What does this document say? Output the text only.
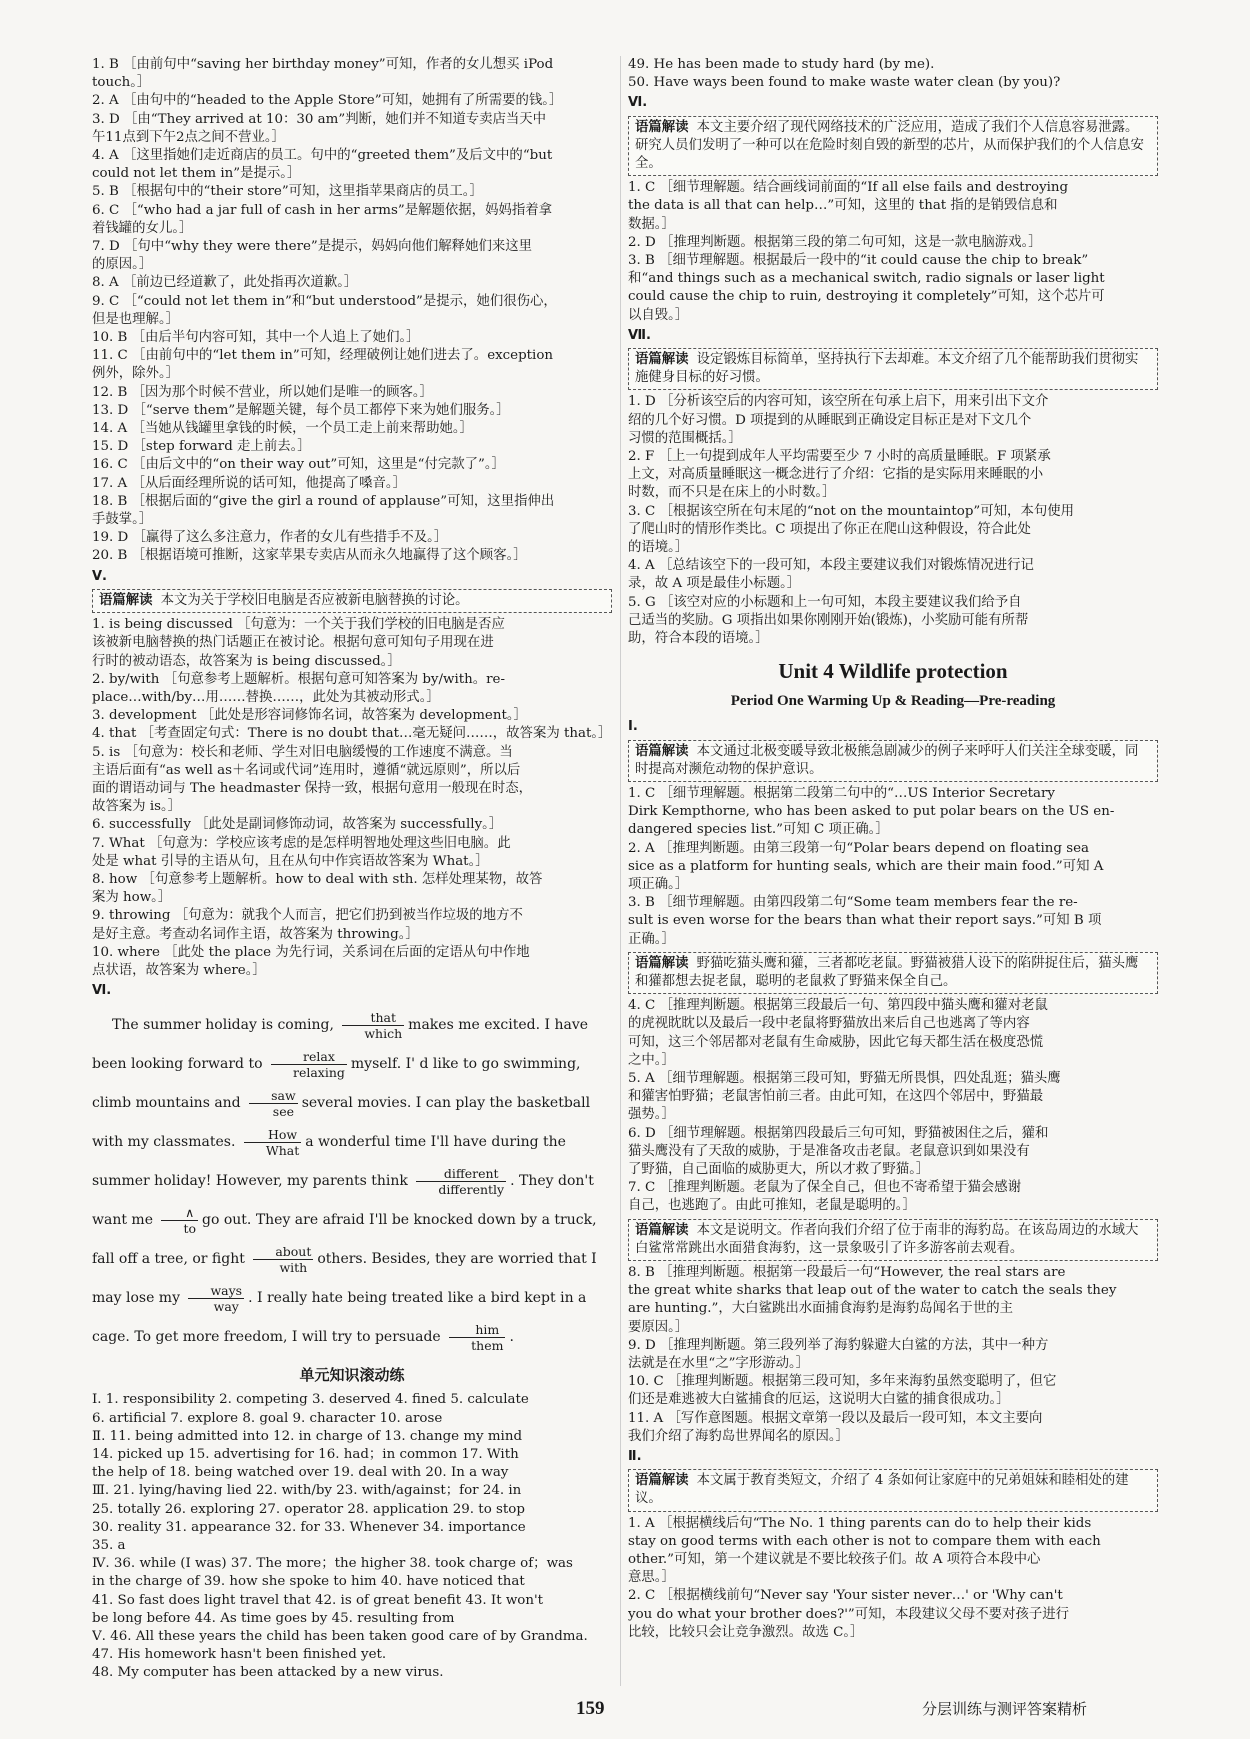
1. B ［由前句中“saving her birthday money”可知，作者的女儿想买 iPod
touch。］
2. A ［由句中的“headed to the Apple Store”可知，她拥有了所需要的钱。］
3. D ［由“They arrived at 10：30 am”判断，她们并不知道专卖店当天中
午11点到下午2点之间不营业。］
4. A ［这里指她们走近商店的员工。句中的“greeted them”及后文中的“but
could not let them in”是提示。］
5. B ［根据句中的“their store”可知，这里指苹果商店的员工。］
6. C ［“who had a jar full of cash in her arms”是解题依据，妈妈指着拿
着钱罐的女儿。］
7. D ［句中“why they were there”是提示，妈妈向他们解释她们来这里
的原因。］
8. A ［前边已经道歉了，此处指再次道歉。］
9. C ［“could not let them in”和“but understood”是提示，她们很伤心，
但是也理解。］
10. B ［由后半句内容可知，其中一个人追上了她们。］
11. C ［由前句中的“let them in”可知，经理破例让她们进去了。exception
例外，除外。］
12. B ［因为那个时候不营业，所以她们是唯一的顾客。］
13. D ［“serve them”是解题关键，每个员工都停下来为她们服务。］
14. A ［当她从钱罐里拿钱的时候，一个员工走上前来帮助她。］
15. D ［step forward 走上前去。］
16. C ［由后文中的“on their way out”可知，这里是“付完款了”。］
17. A ［从后面经理所说的话可知，他提高了嗓音。］
18. B ［根据后面的“give the girl a round of applause”可知，这里指伸出
手鼓掌。］
19. D ［赢得了这么多注意力，作者的女儿有些措手不及。］
20. B ［根据语境可推断，这家苹果专卖店从而永久地赢得了这个顾客。］
Ⅴ.
语篇解读 本文为关于学校旧电脑是否应被新电脑替换的讨论。
1. is being discussed ［句意为：一个关于我们学校的旧电脑是否应
该被新电脑替换的热门话题正在被讨论。根据句意可知句子用现在进
行时的被动语态，故答案为 is being discussed。］
2. by/with ［句意参考上题解析。根据句意可知答案为 by/with。re-
place…with/by…用……替换……，此处为其被动形式。］
3. development ［此处是形容词修饰名词，故答案为 development。］
4. that ［考查固定句式：There is no doubt that…毫无疑问……，故答案为 that。］
5. is ［句意为：校长和老师、学生对旧电脑缓慢的工作速度不满意。当
主语后面有“as well as＋名词或代词”连用时，遵循“就远原则”，所以后
面的谓语动词与 The headmaster 保持一致，根据句意用一般现在时态，
故答案为 is。］
6. successfully ［此处是副词修饰动词，故答案为 successfully。］
7. What ［句意为：学校应该考虑的是怎样明智地处理这些旧电脑。此
处是 what 引导的主语从句，且在从句中作宾语故答案为 What。］
8. how ［句意参考上题解析。how to deal with sth. 怎样处理某物，故答
案为 how。］
9. throwing ［句意为：就我个人而言，把它们扔到被当作垃圾的地方不
是好主意。考查动名词作主语，故答案为 throwing。］
10. where ［此处 the place 为先行词，关系词在后面的定语从句中作地
点状语，故答案为 where。］
Ⅵ.
The summer holiday is coming, $\frac{\text{that}}{\text{which}}$ makes me excited. I have been looking forward to $\frac{\text{relax}}{\text{relaxing}}$ myself. I' d like to go swimming, climb mountains and $\frac{\text{saw}}{\text{see}}$ several movies. I can play the basketball with my classmates. $\frac{\text{How}}{\text{What}}$ a wonderful time I'll have during the summer holiday! However, my parents think $\frac{\text{different}}{\text{differently}}$ . They don't want me $\frac{\wedge}{to}$ go out. They are afraid I'll be knocked down by a truck, fall off a tree, or fight $\frac{\text{about}}{\text{with}}$ others. Besides, they are worried that I may lose my $\frac{\text{ways}}{\text{way}}$ . I really hate being treated like a bird kept in a cage. To get more freedom, I will try to persuade $\frac{\text{him}}{\text{them}}$ .
单元知识滚动练
Ⅰ. 1. responsibility 2. competing 3. deserved 4. fined 5. calculate
6. artificial 7. explore 8. goal 9. character 10. arose
Ⅱ. 11. being admitted into 12. in charge of 13. change my mind
14. picked up 15. advertising for 16. had；in common 17. With
the help of 18. being watched over 19. deal with 20. In a way
Ⅲ. 21. lying/having lied 22. with/by 23. with/against；for 24. in
25. totally 26. exploring 27. operator 28. application 29. to stop
30. reality 31. appearance 32. for 33. Whenever 34. importance
35. a
Ⅳ. 36. while (I was) 37. The more；the higher 38. took charge of；was
in the charge of 39. how she spoke to him 40. have noticed that
41. So fast does light travel that 42. is of great benefit 43. It won't
be long before 44. As time goes by 45. resulting from
Ⅴ. 46. All these years the child has been taken good care of by Grandma.
47. His homework hasn't been finished yet.
48. My computer has been attacked by a new virus.
49. He has been made to study hard (by me).
50. Have ways been found to make waste water clean (by you)?
Ⅵ.
语篇解读 本文主要介绍了现代网络技术的广泛应用，造成了我们个人信息容易泄露。研究人员们发明了一种可以在危险时刻自毁的新型的芯片，从而保护我们的个人信息安全。
1. C ［细节理解题。结合画线词前面的“If all else fails and destroying
the data is all that can help…”可知，这里的 that 指的是销毁信息和
数据。］
2. D ［推理判断题。根据第三段的第二句可知，这是一款电脑游戏。］
3. B ［细节理解题。根据最后一段中的“it could cause the chip to break”
和“and things such as a mechanical switch, radio signals or laser light
could cause the chip to ruin, destroying it completely”可知，这个芯片可
以自毁。］
Ⅶ.
语篇解读 设定锻炼目标简单，坚持执行下去却难。本文介绍了几个能帮助我们贯彻实施健身目标的好习惯。
1. D ［分析该空后的内容可知，该空所在句承上启下，用来引出下文介
绍的几个好习惯。D 项提到的从睡眠到正确设定目标正是对下文几个
习惯的范围概括。］
2. F ［上一句提到成年人平均需要至少 7 小时的高质量睡眠。F 项紧承
上文，对高质量睡眠这一概念进行了介绍：它指的是实际用来睡眠的小
时数，而不只是在床上的小时数。］
3. C ［根据该空所在句末尾的“not on the mountaintop”可知，本句使用
了爬山时的情形作类比。C 项提出了你正在爬山这种假设，符合此处
的语境。］
4. A ［总结该空下的一段可知，本段主要建议我们对锻炼情况进行记
录，故 A 项是最佳小标题。］
5. G ［该空对应的小标题和上一句可知，本段主要建议我们给予自
己适当的奖励。G 项指出如果你刚刚开始(锻炼)，小奖励可能有所帮
助，符合本段的语境。］
Unit 4 Wildlife protection
Period One Warming Up & Reading—Pre-reading
Ⅰ.
语篇解读 本文通过北极变暖导致北极熊急剧减少的例子来呼吁人们关注全球变暖，同时提高对濒危动物的保护意识。
1. C ［细节理解题。根据第二段第二句中的“…US Interior Secretary
Dirk Kempthorne, who has been asked to put polar bears on the US en-
dangered species list.”可知 C 项正确。］
2. A ［推理判断题。由第三段第一句“Polar bears depend on floating sea
sice as a platform for hunting seals, which are their main food.”可知 A
项正确。］
3. B ［细节理解题。由第四段第二句“Some team members fear the re-
sult is even worse for the bears than what their report says.”可知 B 项
正确。］
语篇解读 野猫吃猫头鹰和獾，三者都吃老鼠。野猫被猎人设下的陷阱捉住后，猫头鹰和獾都想去捉老鼠，聪明的老鼠救了野猫来保全自己。
4. C ［推理判断题。根据第三段最后一句、第四段中猫头鹰和獾对老鼠
的虎视眈眈以及最后一段中老鼠将野猫放出来后自己也逃离了等内容
可知，这三个邻居都对老鼠有生命威胁，因此它每天都生活在极度恐慌
之中。］
5. A ［细节理解题。根据第三段可知，野猫无所畏惧，四处乱逛；猫头鹰
和獾害怕野猫；老鼠害怕前三者。由此可知，在这四个邻居中，野猫最
强势。］
6. D ［细节理解题。根据第四段最后三句可知，野猫被困住之后，獾和
猫头鹰没有了天敌的威胁，于是准备攻击老鼠。老鼠意识到如果没有
了野猫，自己面临的威胁更大，所以才救了野猫。］
7. C ［推理判断题。老鼠为了保全自己，但也不寄希望于猫会感谢
自己，也逃跑了。由此可推知，老鼠是聪明的。］
语篇解读 本文是说明文。作者向我们介绍了位于南非的海豹岛。在该岛周边的水域大白鲨常常跳出水面猎食海豹，这一景象吸引了许多游客前去观看。
8. B ［推理判断题。根据第一段最后一句“However, the real stars are
the great white sharks that leap out of the water to catch the seals they
are hunting.”，大白鲨跳出水面捕食海豹是海豹岛闻名于世的主
要原因。］
9. D ［推理判断题。第三段列举了海豹躲避大白鲨的方法，其中一种方
法就是在水里“之”字形游动。］
10. C ［推理判断题。根据第三段可知，多年来海豹虽然变聪明了，但它
们还是难逃被大白鲨捕食的厄运，这说明大白鲨的捕食很成功。］
11. A ［写作意图题。根据文章第一段以及最后一段可知，本文主要向
我们介绍了海豹岛世界闻名的原因。］
Ⅱ.
语篇解读 本文属于教育类短文，介绍了 4 条如何让家庭中的兄弟姐妹和睦相处的建议。
1. A ［根据横线后句“The No. 1 thing parents can do to help their kids
stay on good terms with each other is not to compare them with each
other.”可知，第一个建议就是不要比较孩子们。故 A 项符合本段中心
意思。］
2. C ［根据横线前句“Never say 'Your sister never…' or 'Why can't
you do what your brother does?'”可知，本段建议父母不要对孩子进行
比较，比较只会让竞争激烈。故选 C。］
159	分层训练与测评答案精析
